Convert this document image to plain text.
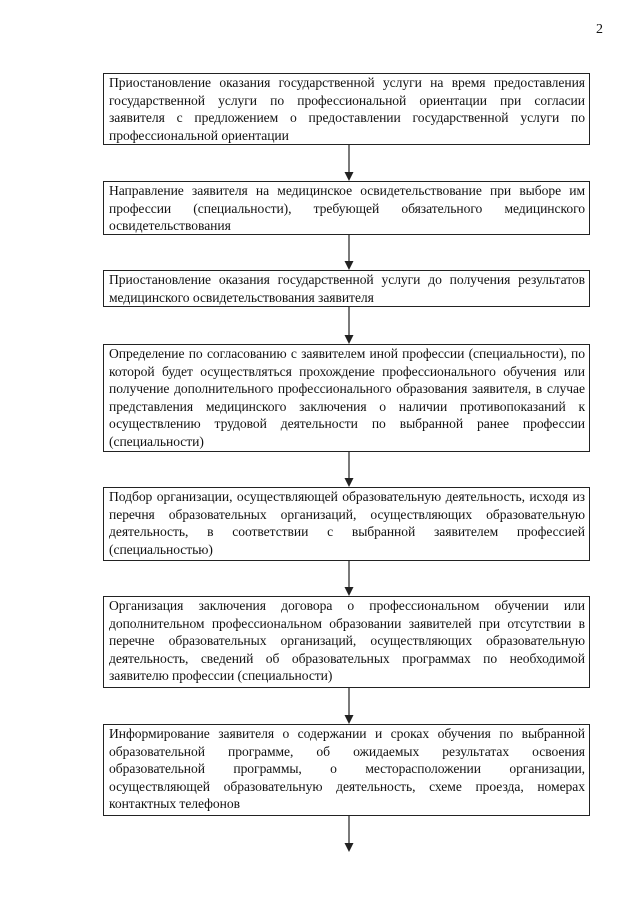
2
Приостановление оказания государственной услуги на время предоставления государственной услуги по профессиональной ориентации при согласии заявителя с предложением о предоставлении государственной услуги по профессиональной ориентации
Направление заявителя на медицинское освидетельствование при выборе им профессии (специальности), требующей обязательного медицинского освидетельствования
Приостановление оказания государственной услуги до получения результатов медицинского освидетельствования заявителя
Определение по согласованию с заявителем иной профессии (специальности), по которой будет осуществляться прохождение профессионального обучения или получение дополнительного профессионального образования заявителя, в случае представления медицинского заключения о наличии противопоказаний к осуществлению трудовой деятельности по выбранной ранее профессии (специальности)
Подбор организации, осуществляющей образовательную деятельность, исходя из перечня образовательных организаций, осуществляющих образовательную деятельность, в соответствии с выбранной заявителем профессией (специальностью)
Организация заключения договора о профессиональном обучении или дополнительном профессиональном образовании заявителей при отсутствии в перечне образовательных организаций, осуществляющих образовательную деятельность, сведений об образовательных программах по необходимой заявителю профессии (специальности)
Информирование заявителя о содержании и сроках обучения по выбранной образовательной программе, об ожидаемых результатах освоения образовательной программы, о месторасположении организации, осуществляющей образовательную деятельность, схеме проезда, номерах контактных телефонов
